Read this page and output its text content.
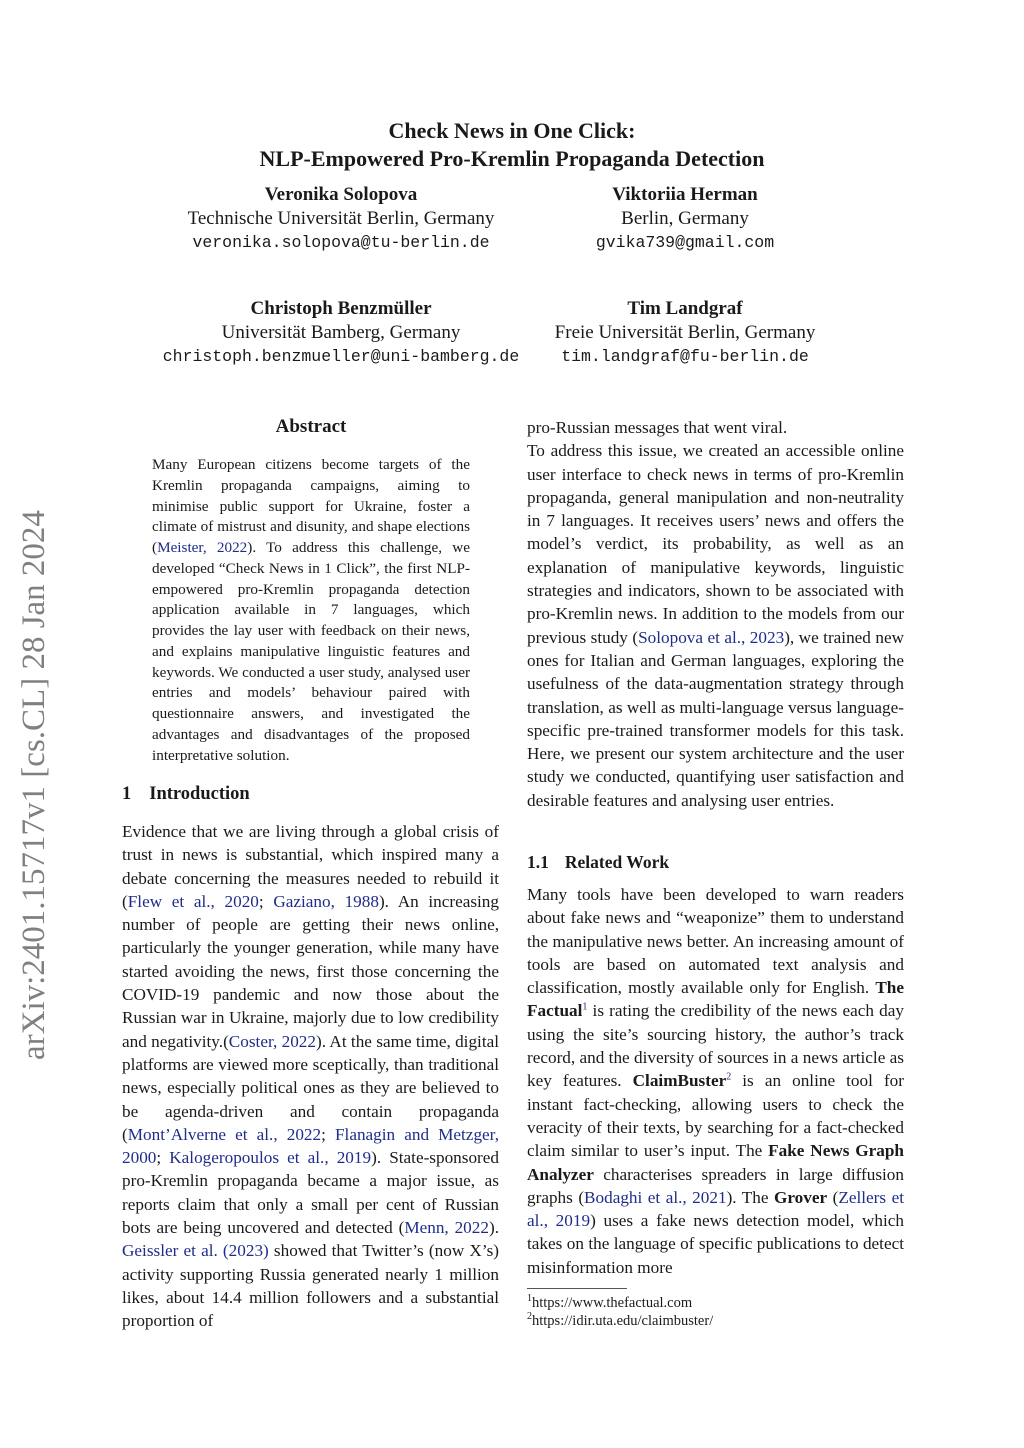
arXiv:2401.15717v1 [cs.CL] 28 Jan 2024
Check News in One Click:
NLP-Empowered Pro-Kremlin Propaganda Detection
Veronika Solopova
Technische Universität Berlin, Germany
veronika.solopova@tu-berlin.de
Viktoriia Herman
Berlin, Germany
gvika739@gmail.com
Christoph Benzmüller
Universität Bamberg, Germany
christoph.benzmueller@uni-bamberg.de
Tim Landgraf
Freie Universität Berlin, Germany
tim.landgraf@fu-berlin.de
Abstract

Many European citizens become targets of the Kremlin propaganda campaigns, aiming to minimise public support for Ukraine, foster a climate of mistrust and disunity, and shape elections (Meister, 2022). To address this challenge, we developed “Check News in 1 Click”, the first NLP-empowered pro-Kremlin propaganda detection application available in 7 languages, which provides the lay user with feedback on their news, and explains manipulative linguistic features and keywords. We conducted a user study, analysed user entries and models’ behaviour paired with questionnaire answers, and investigated the advantages and disadvantages of the proposed interpretative solution.

1 Introduction

Evidence that we are living through a global crisis of trust in news is substantial, which inspired many a debate concerning the measures needed to rebuild it (Flew et al., 2020; Gaziano, 1988). An increasing number of people are getting their news online, particularly the younger generation, while many have started avoiding the news, first those concerning the COVID-19 pandemic and now those about the Russian war in Ukraine, majorly due to low credibility and negativity.(Coster, 2022). At the same time, digital platforms are viewed more sceptically, than traditional news, especially political ones as they are believed to be agenda-driven and contain propaganda (Mont’Alverne et al., 2022; Flanagin and Metzger, 2000; Kalogeropoulos et al., 2019). State-sponsored pro-Kremlin propaganda became a major issue, as reports claim that only a small per cent of Russian bots are being uncovered and detected (Menn, 2022). Geissler et al. (2023) showed that Twitter’s (now X’s) activity supporting Russia generated nearly 1 million likes, about 14.4 million followers and a substantial proportion of

pro-Russian messages that went viral.

To address this issue, we created an accessible online user interface to check news in terms of pro-Kremlin propaganda, general manipulation and non-neutrality in 7 languages. It receives users’ news and offers the model’s verdict, its probability, as well as an explanation of manipulative keywords, linguistic strategies and indicators, shown to be associated with pro-Kremlin news. In addition to the models from our previous study (Solopova et al., 2023), we trained new ones for Italian and German languages, exploring the usefulness of the data-augmentation strategy through translation, as well as multi-language versus language-specific pre-trained transformer models for this task. Here, we present our system architecture and the user study we conducted, quantifying user satisfaction and desirable features and analysing user entries.

1.1 Related Work

Many tools have been developed to warn readers about fake news and “weaponize” them to understand the manipulative news better. An increasing amount of tools are based on automated text analysis and classification, mostly available only for English. The Factual$^1$ is rating the credibility of the news each day using the site’s sourcing history, the author’s track record, and the diversity of sources in a news article as key features. ClaimBuster$^2$ is an online tool for instant fact-checking, allowing users to check the veracity of their texts, by searching for a fact-checked claim similar to user’s input. The Fake News Graph Analyzer characterises spreaders in large diffusion graphs (Bodaghi et al., 2021). The Grover (Zellers et al., 2019) uses a fake news detection model, which takes on the language of specific publications to detect misinformation more

$^1$https://www.thefactual.com
$^2$https://idir.uta.edu/claimbuster/
